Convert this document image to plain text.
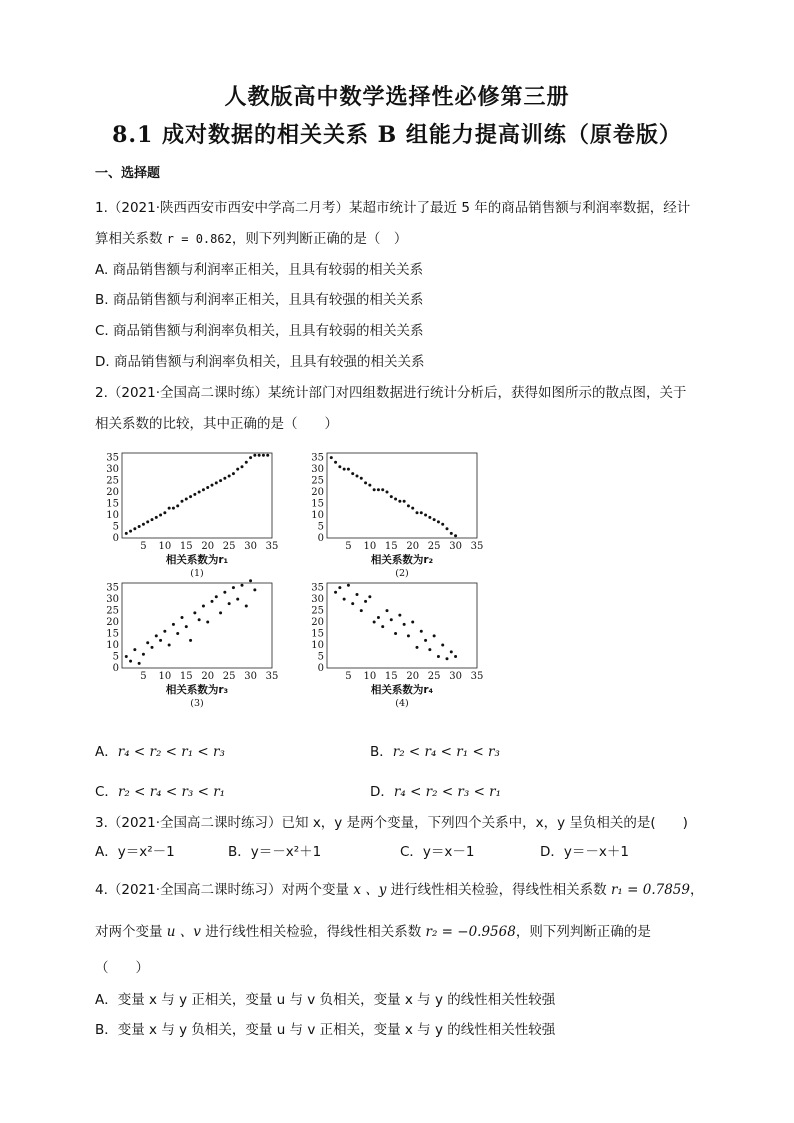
人教版高中数学选择性必修第三册
8.1 成对数据的相关关系 B 组能力提高训练（原卷版）
一、选择题
1.（2021·陕西西安市西安中学高二月考）某超市统计了最近 5 年的商品销售额与利润率数据，经计
算相关系数 r = 0.862，则下列判断正确的是（　）
A. 商品销售额与利润率正相关，且具有较弱的相关关系
B. 商品销售额与利润率正相关，且具有较强的相关关系
C. 商品销售额与利润率负相关，且具有较弱的相关关系
D. 商品销售额与利润率负相关，且具有较强的相关关系
2.（2021·全国高二课时练）某统计部门对四组数据进行统计分析后，获得如图所示的散点图，关于
相关系数的比较，其中正确的是（　　）
0
5
10
15
20
25
30
35
5 10 15 20 25 30 35
相关系数为r₁
(1)
0
5
10
15
20
25
30
35
5 10 15 20 25 30 35
相关系数为r₂
(2)
0
5
10
15
20
25
30
35
5 10 15 20 25 30 35
相关系数为r₃
(3)
0
5
10
15
20
25
30
35
5 10 15 20 25 30 35
相关系数为r₄
(4)
A．r₄ < r₂ < r₁ < r₃	B．r₂ < r₄ < r₁ < r₃
C．r₂ < r₄ < r₃ < r₁	D．r₄ < r₂ < r₃ < r₁
3.（2021·全国高二课时练习）已知 x，y 是两个变量，下列四个关系中，x，y 呈负相关的是(　　)
A．y＝x²－1	B．y＝－x²＋1	C．y＝x－1	D．y＝－x＋1
4.（2021·全国高二课时练习）对两个变量 x 、y 进行线性相关检验，得线性相关系数 r₁ = 0.7859，
对两个变量 u 、v 进行线性相关检验，得线性相关系数 r₂ = −0.9568，则下列判断正确的是
（　　）
A．变量 x 与 y 正相关，变量 u 与 v 负相关，变量 x 与 y 的线性相关性较强
B．变量 x 与 y 负相关，变量 u 与 v 正相关，变量 x 与 y 的线性相关性较强
